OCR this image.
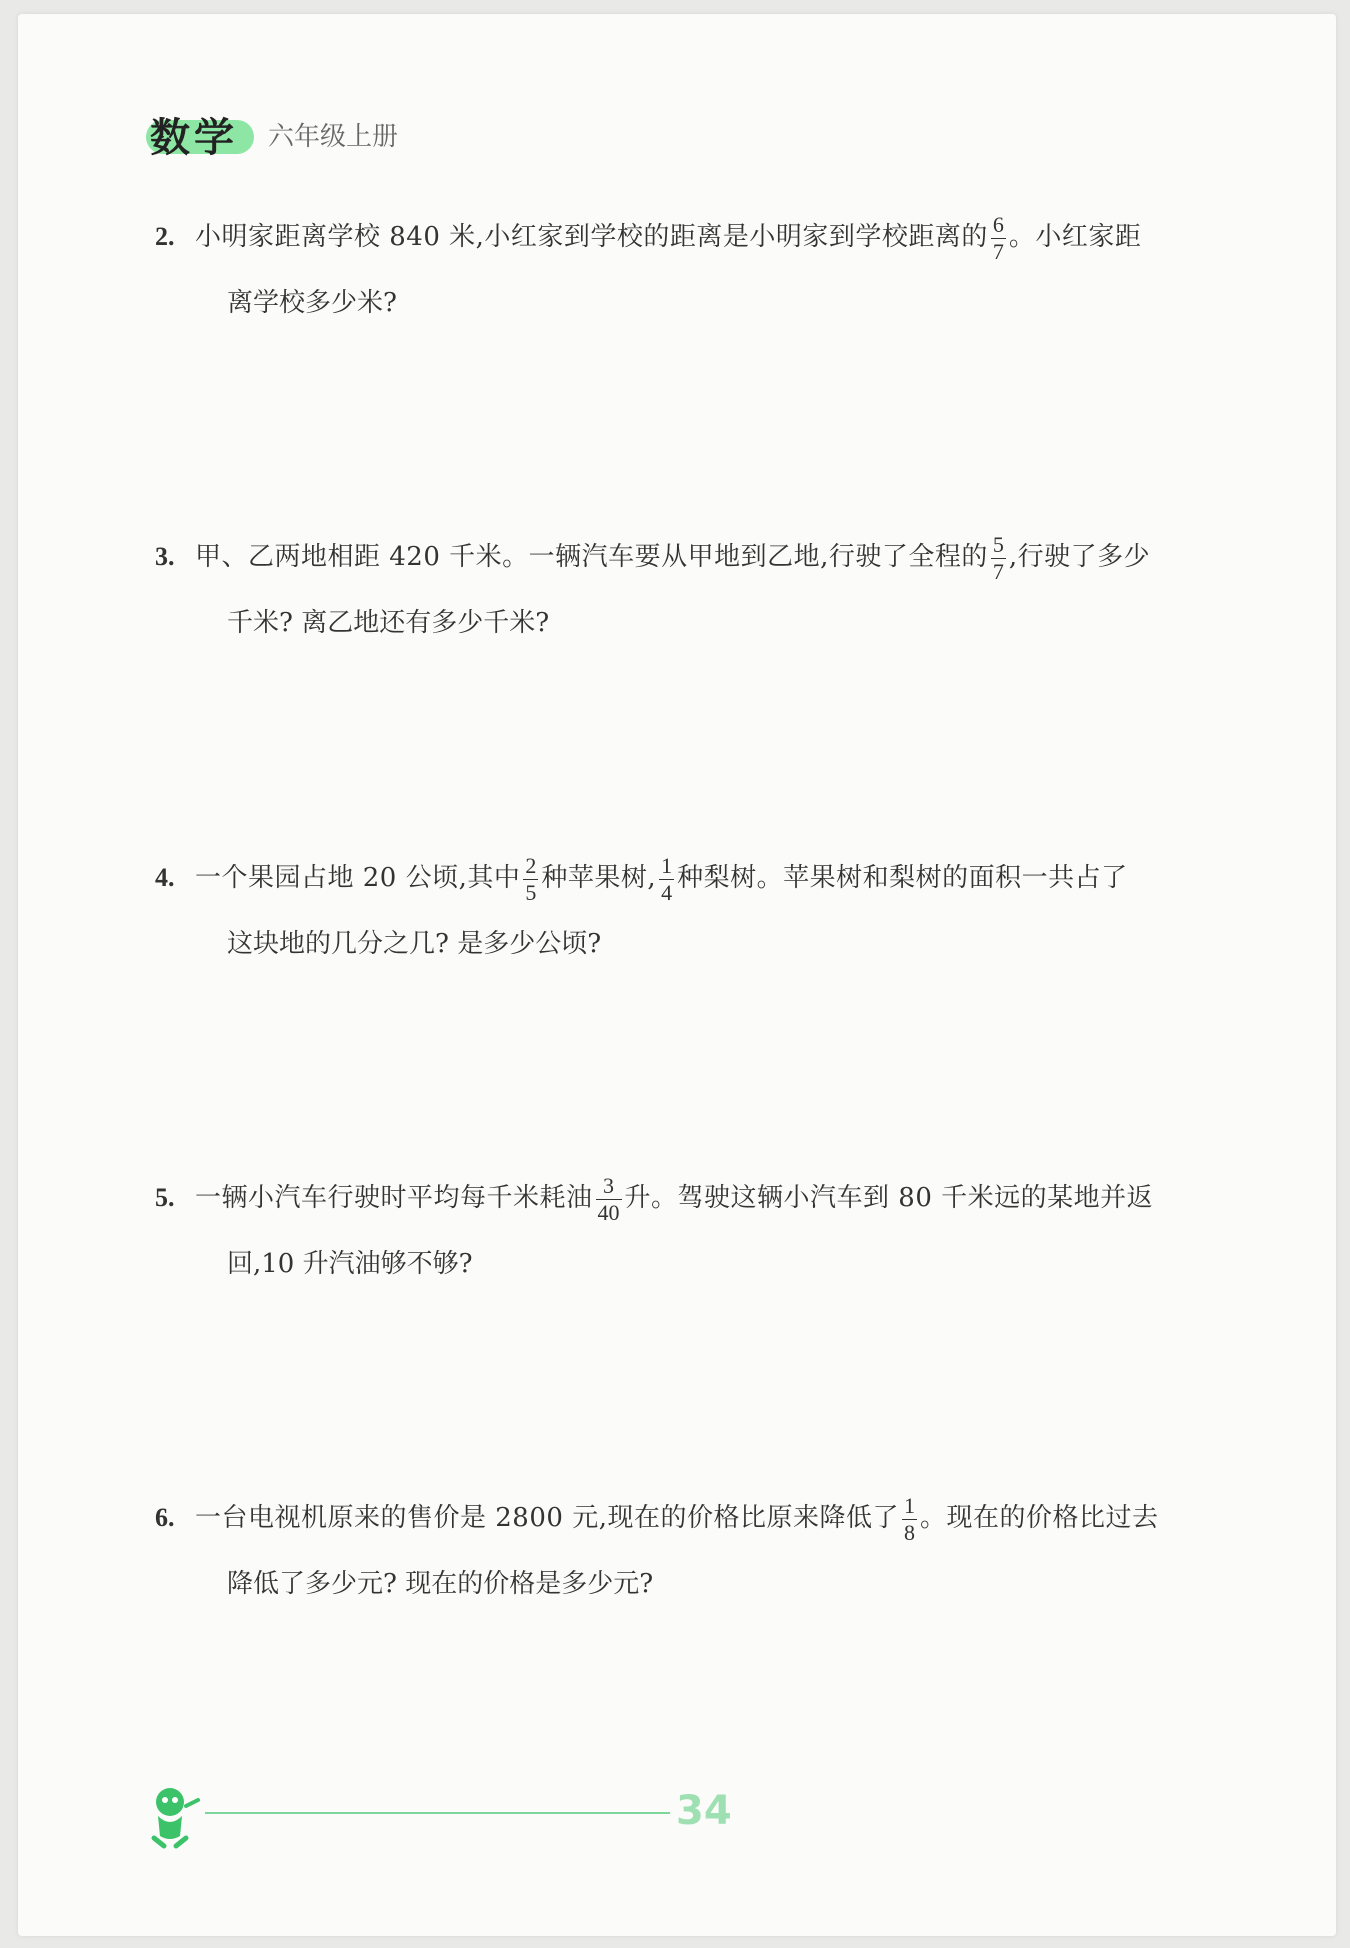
数学 六年级上册
2. 小明家距离学校 840 米,小红家到学校的距离是小明家到学校距离的 $\frac{6}{7}$ 。小红家距
离学校多少米?
3. 甲、乙两地相距 420 千米。一辆汽车要从甲地到乙地,行驶了全程的 $\frac{5}{7}$ ,行驶了多少
千米? 离乙地还有多少千米?
4. 一个果园占地 20 公顷,其中 $\frac{2}{5}$ 种苹果树, $\frac{1}{4}$ 种梨树。苹果树和梨树的面积一共占了
这块地的几分之几? 是多少公顷?
5. 一辆小汽车行驶时平均每千米耗油 $\frac{3}{40}$ 升。驾驶这辆小汽车到 80 千米远的某地并返
回,10 升汽油够不够?
6. 一台电视机原来的售价是 2800 元,现在的价格比原来降低了 $\frac{1}{8}$ 。现在的价格比过去
降低了多少元? 现在的价格是多少元?
34
